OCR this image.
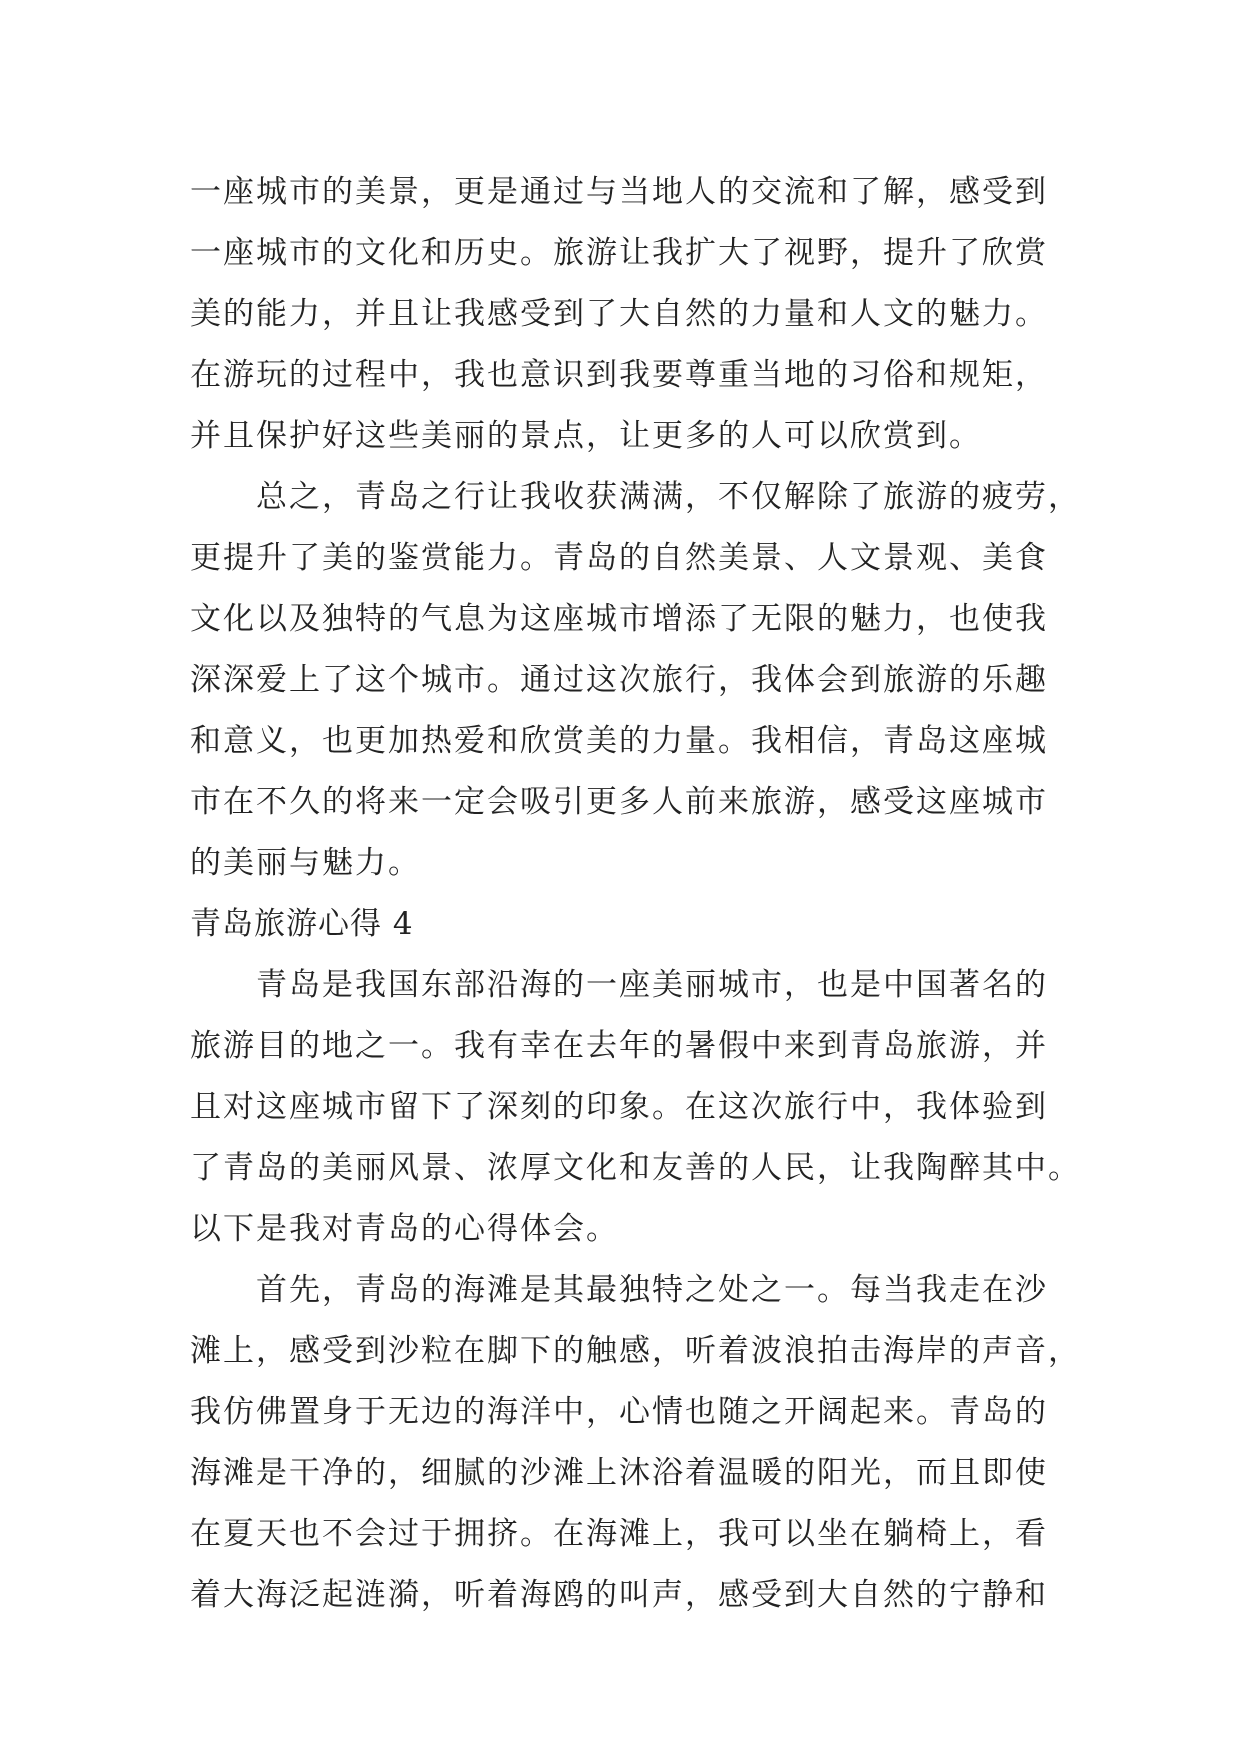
一座城市的美景，更是通过与当地人的交流和了解，感受到
一座城市的文化和历史。旅游让我扩大了视野，提升了欣赏
美的能力，并且让我感受到了大自然的力量和人文的魅力。
在游玩的过程中，我也意识到我要尊重当地的习俗和规矩，
并且保护好这些美丽的景点，让更多的人可以欣赏到。
总之，青岛之行让我收获满满，不仅解除了旅游的疲劳，
更提升了美的鉴赏能力。青岛的自然美景、人文景观、美食
文化以及独特的气息为这座城市增添了无限的魅力，也使我
深深爱上了这个城市。通过这次旅行，我体会到旅游的乐趣
和意义，也更加热爱和欣赏美的力量。我相信，青岛这座城
市在不久的将来一定会吸引更多人前来旅游，感受这座城市
的美丽与魅力。
青岛旅游心得 4
青岛是我国东部沿海的一座美丽城市，也是中国著名的
旅游目的地之一。我有幸在去年的暑假中来到青岛旅游，并
且对这座城市留下了深刻的印象。在这次旅行中，我体验到
了青岛的美丽风景、浓厚文化和友善的人民，让我陶醉其中。
以下是我对青岛的心得体会。
首先，青岛的海滩是其最独特之处之一。每当我走在沙
滩上，感受到沙粒在脚下的触感，听着波浪拍击海岸的声音，
我仿佛置身于无边的海洋中，心情也随之开阔起来。青岛的
海滩是干净的，细腻的沙滩上沐浴着温暖的阳光，而且即使
在夏天也不会过于拥挤。在海滩上，我可以坐在躺椅上，看
着大海泛起涟漪，听着海鸥的叫声，感受到大自然的宁静和
